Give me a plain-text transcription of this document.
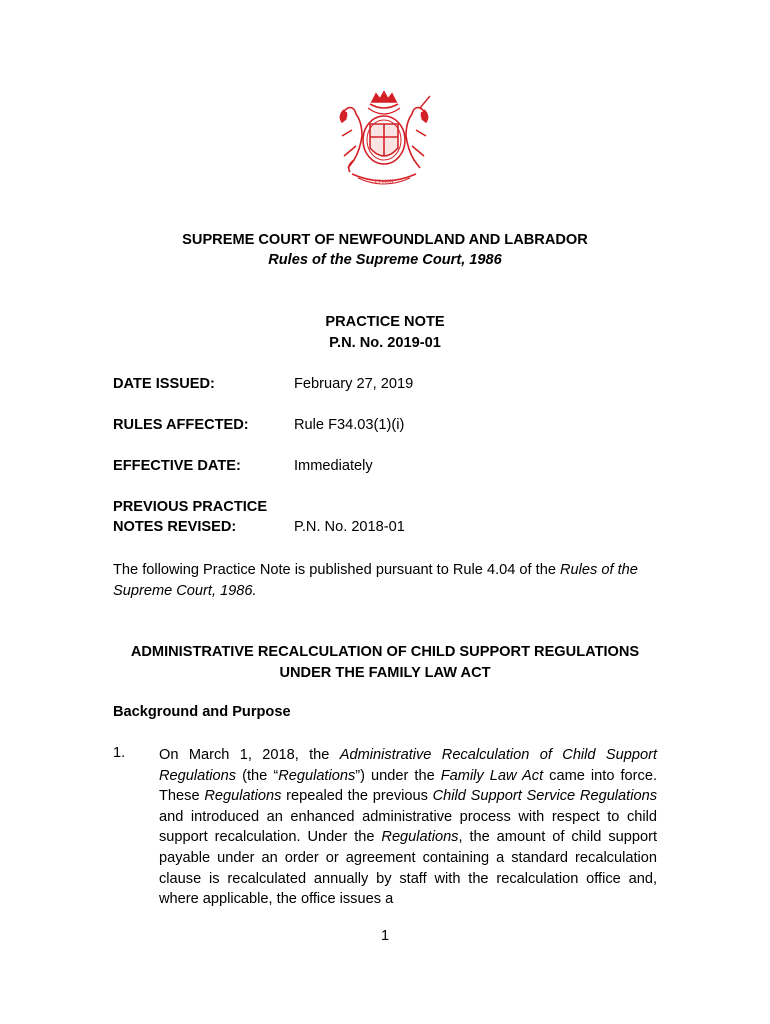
ET MON
SUPREME COURT OF NEWFOUNDLAND AND LABRADOR
Rules of the Supreme Court, 1986
PRACTICE NOTE
P.N. No. 2019-01
DATE ISSUED:	February 27, 2019
RULES AFFECTED:	Rule F34.03(1)(i)
EFFECTIVE DATE:	Immediately
PREVIOUS PRACTICE
NOTES REVISED:	P.N. No. 2018-01
The following Practice Note is published pursuant to Rule 4.04 of the Rules of the Supreme Court, 1986.
ADMINISTRATIVE RECALCULATION OF CHILD SUPPORT REGULATIONS
UNDER THE FAMILY LAW ACT
Background and Purpose
1. On March 1, 2018, the Administrative Recalculation of Child Support Regulations (the “Regulations”) under the Family Law Act came into force. These Regulations repealed the previous Child Support Service Regulations and introduced an enhanced administrative process with respect to child support recalculation. Under the Regulations, the amount of child support payable under an order or agreement containing a standard recalculation clause is recalculated annually by staff with the recalculation office and, where applicable, the office issues a
1
